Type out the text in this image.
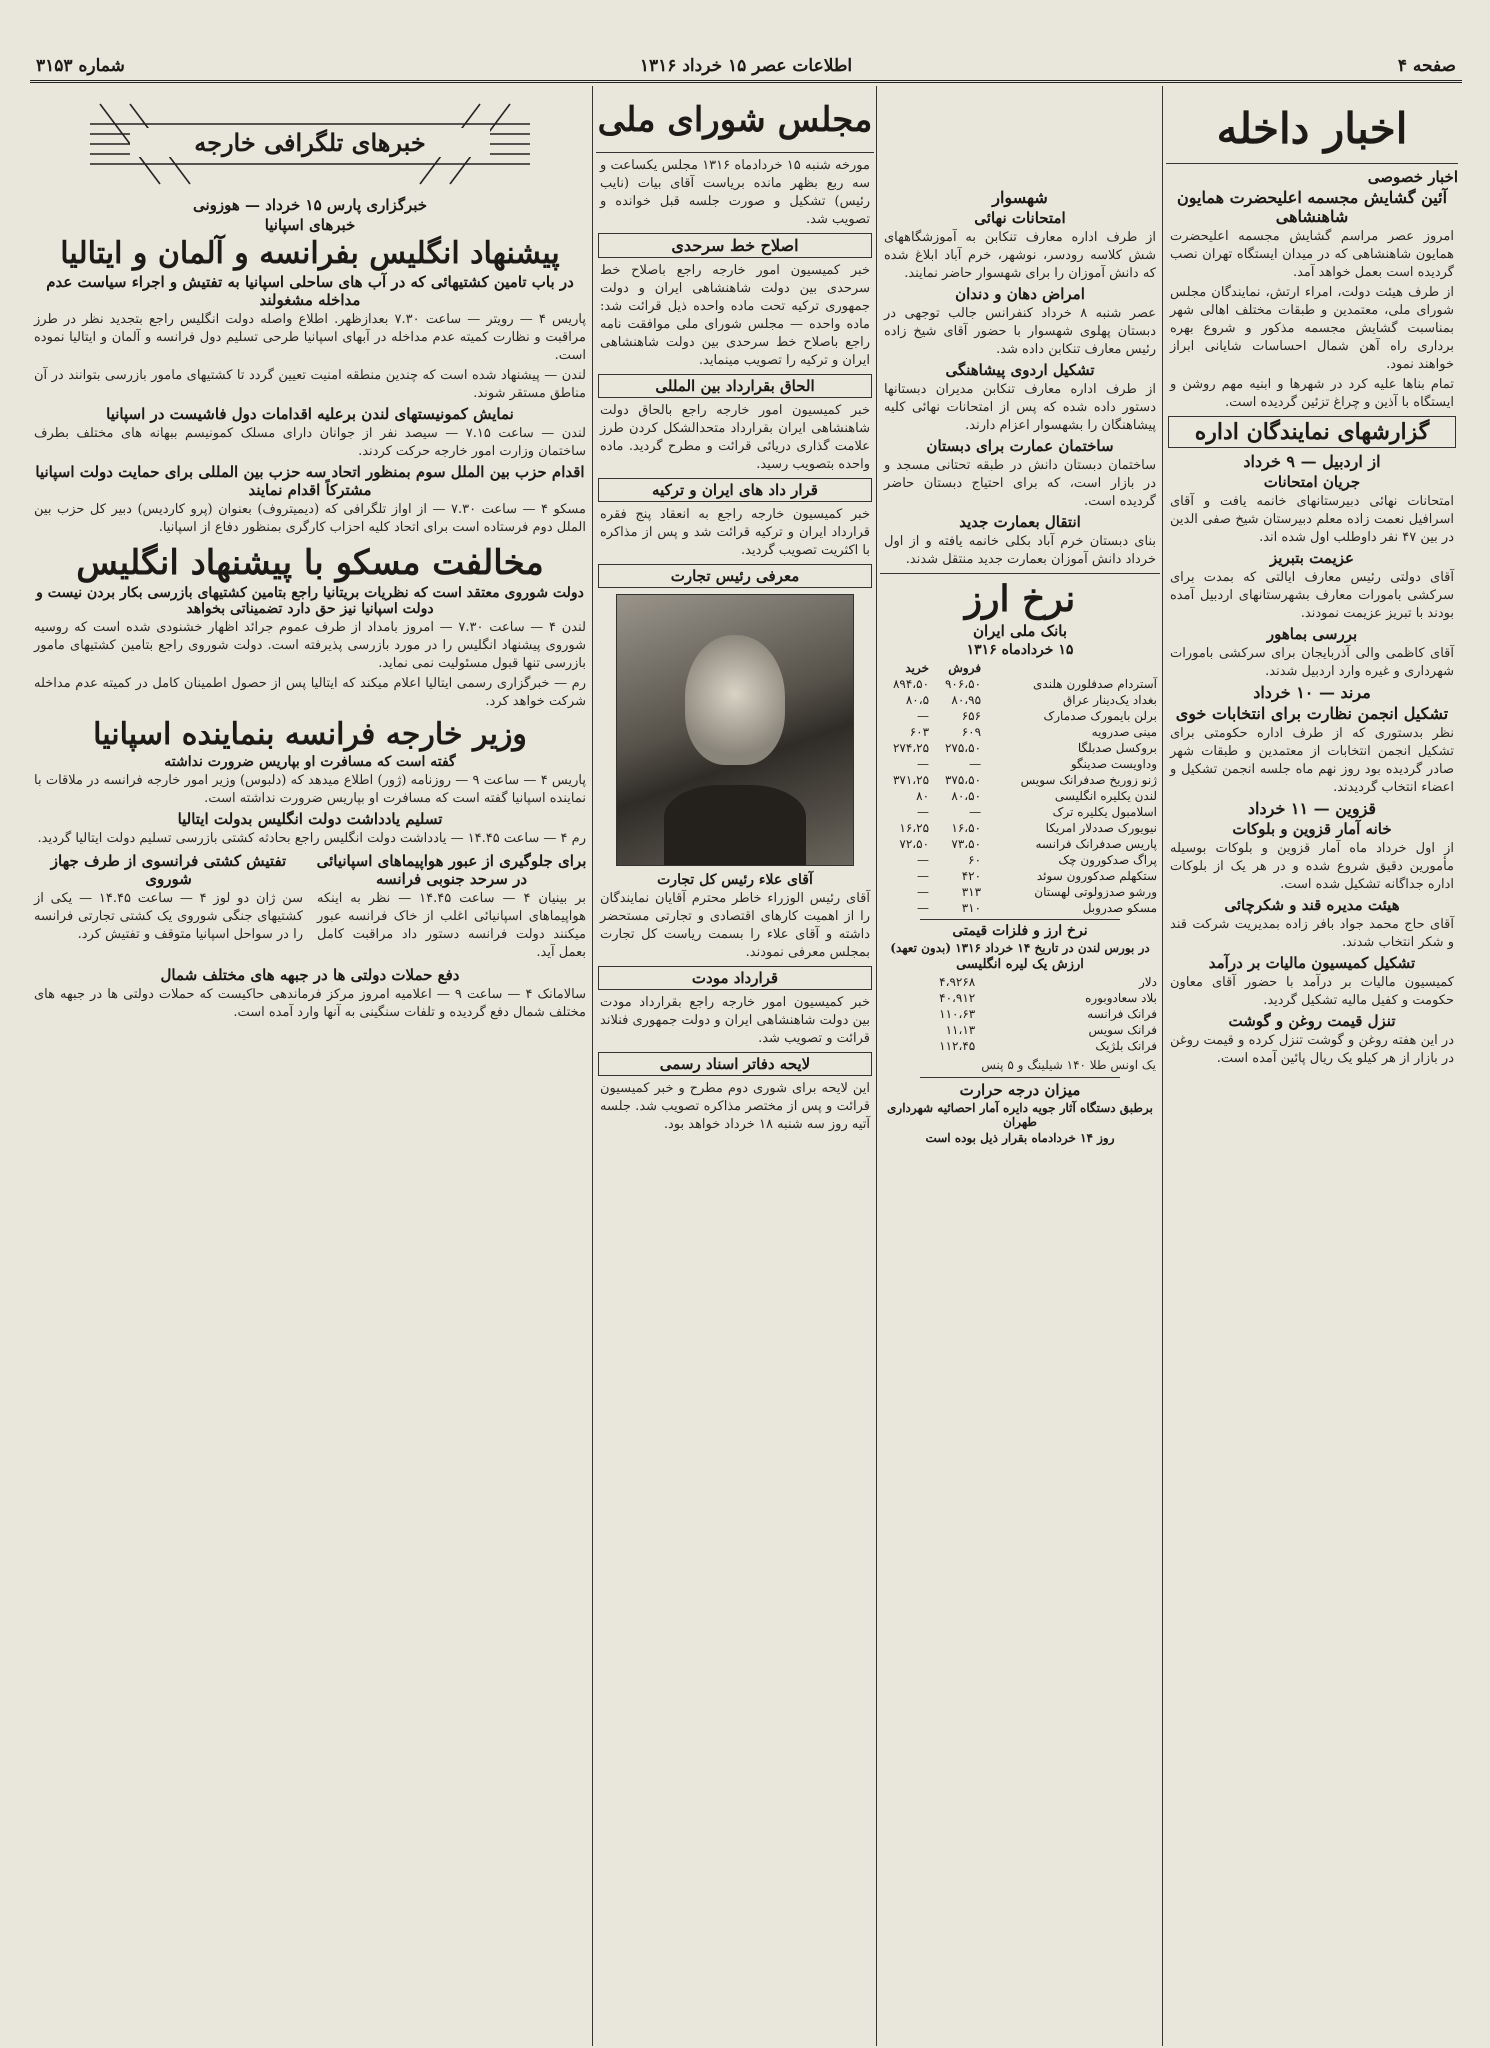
صفحه ۴
اطلاعات عصر ۱۵ خرداد ۱۳۱۶
شماره ۳۱۵۳
اخبار داخله
اخبار خصوصی
آئین گشایش مجسمه اعلیحضرت همایون شاهنشاهی
امروز عصر مراسم گشایش مجسمه اعلیحضرت همایون شاهنشاهی که در میدان ایستگاه تهران نصب گردیده است بعمل خواهد آمد.
از طرف هیئت دولت، امراء ارتش، نمایندگان مجلس شورای ملی، معتمدین و طبقات مختلف اهالی شهر بمناسبت گشایش مجسمه مذکور و شروع بهره برداری راه آهن شمال احساسات شایانی ابراز خواهند نمود.
تمام بناها علیه کرد در شهرها و ابنیه مهم روشن و ایستگاه با آذین و چراغ تزئین گردیده است.
گزارشهای نمایندگان اداره
از اردبیل — ۹ خرداد
جریان امتحانات
امتحانات نهائی دبیرستانهای خانمه یافت و آقای اسرافیل نعمت زاده معلم دبیرستان شیخ صفی الدین در بین ۴۷ نفر داوطلب اول شده اند.
عزیمت بتبریز
آقای دولتی رئیس معارف ایالتی که بمدت برای سرکشی بامورات معارف بشهرستانهای اردبیل آمده بودند با تبریز عزیمت نمودند.
بررسی بماهور
آقای کاظمی والی آذربایجان برای سرکشی بامورات شهرداری و غیره وارد اردبیل شدند.
مرند — ۱۰ خرداد
تشکیل انجمن نظارت برای انتخابات خوی
نظر بدستوری که از طرف اداره حکومتی برای تشکیل انجمن انتخابات از معتمدین و طبقات شهر صادر گردیده بود روز نهم ماه جلسه انجمن تشکیل و اعضاء انتخاب گردیدند.
قزوین — ۱۱ خرداد
خانه آمار قزوین و بلوکات
از اول خرداد ماه آمار قزوین و بلوکات بوسیله مأمورین دقیق شروع شده و در هر یک از بلوکات اداره جداگانه تشکیل شده است.
هیئت مدیره قند و شکرچائی
آقای حاج محمد جواد بافر زاده بمدیریت شرکت قند و شکر انتخاب شدند.
تشکیل کمیسیون مالیات بر درآمد
کمیسیون مالیات بر درآمد با حضور آقای معاون حکومت و کفیل مالیه تشکیل گردید.
تنزل قیمت روغن و گوشت
در این هفته روغن و گوشت تنزل کرده و قیمت روغن در بازار از هر کیلو یک ریال پائین آمده است.
شهسوار
امتحانات نهائی
از طرف اداره معارف تنکابن به آموزشگاههای شش کلاسه رودسر، نوشهر، خرم آباد ابلاغ شده که دانش آموزان را برای شهسوار حاضر نمایند.
امراض دهان و دندان
عصر شنبه ۸ خرداد کنفرانس جالب توجهی در دبستان پهلوی شهسوار با حضور آقای شیخ زاده رئیس معارف تنکابن داده شد.
تشکیل اردوی پیشاهنگی
از طرف اداره معارف تنکابن مدیران دبستانها دستور داده شده که پس از امتحانات نهائی کلیه پیشاهنگان را بشهسوار اعزام دارند.
ساختمان عمارت برای دبستان
ساختمان دبستان دانش در طبقه تحتانی مسجد و در بازار است، که برای احتیاج دبستان حاضر گردیده است.
انتقال بعمارت جدید
بنای دبستان خرم آباد بکلی خانمه یافته و از اول خرداد دانش آموزان بعمارت جدید منتقل شدند.
نرخ ارز
بانک ملی ایران
۱۵ خردادماه ۱۳۱۶
	فروش	خرید
آستردام صدفلورن هلندی	۹۰۶،۵۰	۸۹۴،۵۰
بغداد یک‌دینار عراق	۸۰،۹۵	۸۰،۵
برلن بایمورک صدمارک	۶۵۶	—
مینی صدرویه	۶۰۹	۶۰۳
بروکسل صدبلگا	۲۷۵،۵۰	۲۷۴،۲۵
وداویست صدینگو	—	—
ژنو زوریخ صدفرانک سویس	۳۷۵،۵۰	۳۷۱،۲۵
لندن یکلیره انگلیسی	۸۰،۵۰	۸۰
اسلامبول یکلیره ترک	—	—
نیویورک صددلار امریکا	۱۶،۵۰	۱۶،۲۵
پاریس صدفرانک فرانسه	۷۳،۵۰	۷۲،۵۰
پراگ صدکورون چک	۶۰	—
ستکهلم صدکورون سوئد	۴۲۰	—
ورشو صدزولوتی لهستان	۳۱۳	—
مسکو صدروبل	۳۱۰	—
نرخ ارز و فلزات قیمتی
در بورس لندن در تاریخ ۱۴ خرداد ۱۳۱۶ (بدون تعهد)
ارزش یک لیره انگلیسی
دلار	۴،۹۲۶۸
بلاد سعادوبوره	۴۰،۹۱۲
فرانک فرانسه	۱۱۰،۶۳
فرانک سویس	۱۱،۱۳
فرانک بلژیک	۱۱۲،۴۵
یک اونس طلا ۱۴۰ شیلینگ و ۵ پنس
میزان درجه حرارت
برطبق دستگاه آثار جویه دایره آمار احصائیه شهرداری طهران
روز ۱۴ خردادماه بقرار ذیل بوده است
مجلس شورای ملی
مورخه شنبه ۱۵ خردادماه ۱۳۱۶ مجلس یکساعت و سه ربع بظهر مانده بریاست آقای بیات (نایب رئیس) تشکیل و صورت جلسه قبل خوانده و تصویب شد.
اصلاح خط سرحدی
خبر کمیسیون امور خارجه راجع باصلاح خط سرحدی بین دولت شاهنشاهی ایران و دولت جمهوری ترکیه تحت ماده واحده ذیل قرائت شد: ماده واحده — مجلس شورای ملی موافقت نامه راجع باصلاح خط سرحدی بین دولت شاهنشاهی ایران و ترکیه را تصویب مینماید.
الحاق بقرارداد بین المللی
خبر کمیسیون امور خارجه راجع بالحاق دولت شاهنشاهی ایران بقرارداد متحدالشکل کردن طرز علامت گذاری دریائی قرائت و مطرح گردید. ماده واحده بتصویب رسید.
قرار داد های ایران و ترکیه
خبر کمیسیون خارجه راجع به انعقاد پنج فقره قرارداد ایران و ترکیه قرائت شد و پس از مذاکره با اکثریت تصویب گردید.
معرفی رئیس تجارت
آقای علاء رئیس کل تجارت
آقای رئیس الوزراء خاطر محترم آقایان نمایندگان را از اهمیت کارهای اقتصادی و تجارتی مستحضر داشته و آقای علاء را بسمت ریاست کل تجارت بمجلس معرفی نمودند.
قرارداد مودت
خبر کمیسیون امور خارجه راجع بقرارداد مودت بین دولت شاهنشاهی ایران و دولت جمهوری فنلاند قرائت و تصویب شد.
لایحه دفاتر اسناد رسمی
این لایحه برای شوری دوم مطرح و خبر کمیسیون قرائت و پس از مختصر مذاکره تصویب شد. جلسه آتیه روز سه شنبه ۱۸ خرداد خواهد بود.
خبرهای تلگرافی خارجه
خبرگزاری پارس ۱۵ خرداد — هوزونی
خبرهای اسپانیا
پیشنهاد انگلیس بفرانسه و آلمان و ایتالیا
در باب تامین کشتیهائی که در آب های ساحلی اسپانیا به تفتیش و اجراء سیاست عدم مداخله مشغولند
پاریس ۴ — رویتر — ساعت ۷.۳۰ بعدازظهر. اطلاع واصله دولت انگلیس راجع بتجدید نظر در طرز مراقبت و نظارت کمیته عدم مداخله در آبهای اسپانیا طرحی تسلیم دول فرانسه و آلمان و ایتالیا نموده است.
لندن — پیشنهاد شده است که چندین منطقه امنیت تعیین گردد تا کشتیهای مامور بازرسی بتوانند در آن مناطق مستقر شوند.
نمایش کمونیستهای لندن برعلیه اقدامات دول فاشیست در اسپانیا
لندن — ساعت ۷.۱۵ — سیصد نفر از جوانان دارای مسلک کمونیسم ببهانه های مختلف بطرف ساختمان وزارت امور خارجه حرکت کردند.
اقدام حزب بین الملل سوم بمنظور اتحاد سه حزب بین المللی برای حمایت دولت اسپانیا مشترکاً اقدام نمایند
مسکو ۴ — ساعت ۷.۳۰ — از اواز تلگرافی که (دیمیتروف) بعنوان (پرو کاردیس) دبیر کل حزب بین الملل دوم فرستاده است برای اتحاد کلیه احزاب کارگری بمنظور دفاع از اسپانیا.
مخالفت مسکو با پیشنهاد انگلیس
دولت شوروی معتقد است که نظریات بریتانیا راجع بتامین کشتیهای بازرسی بکار بردن نیست و دولت اسپانیا نیز حق دارد تضمیناتی بخواهد
لندن ۴ — ساعت ۷.۳۰ — امروز بامداد از طرف عموم جرائد اظهار خشنودی شده است که روسیه شوروی پیشنهاد انگلیس را در مورد بازرسی پذیرفته است. دولت شوروی راجع بتامین کشتیهای مامور بازرسی تنها قبول مسئولیت نمی نماید.
رم — خبرگزاری رسمی ایتالیا اعلام میکند که ایتالیا پس از حصول اطمینان کامل در کمیته عدم مداخله شرکت خواهد کرد.
وزیر خارجه فرانسه بنماینده اسپانیا
گفته است که مسافرت او بپاریس ضرورت نداشته
پاریس ۴ — ساعت ۹ — روزنامه (ژور) اطلاع میدهد که (دلبوس) وزیر امور خارجه فرانسه در ملاقات با نماینده اسپانیا گفته است که مسافرت او بپاریس ضرورت نداشته است.
تسلیم یادداشت دولت انگلیس بدولت ایتالیا
رم ۴ — ساعت ۱۴.۴۵ — یادداشت دولت انگلیس راجع بحادثه کشتی بازرسی تسلیم دولت ایتالیا گردید.
برای جلوگیری از عبور هواپیماهای اسپانیائی در سرحد جنوبی فرانسه
بر بینیان ۴ — ساعت ۱۴.۴۵ — نظر به اینکه هواپیماهای اسپانیائی اغلب از خاک فرانسه عبور میکنند دولت فرانسه دستور داد مراقبت کامل بعمل آید.
تفتیش کشتی فرانسوی از طرف جهاز شوروی
سن ژان دو لوز ۴ — ساعت ۱۴.۴۵ — یکی از کشتیهای جنگی شوروی یک کشتی تجارتی فرانسه را در سواحل اسپانیا متوقف و تفتیش کرد.
دفع حملات دولتی ها در جبهه های مختلف شمال
سالامانک ۴ — ساعت ۹ — اعلامیه امروز مرکز فرماندهی حاکیست که حملات دولتی ها در جبهه های مختلف شمال دفع گردیده و تلفات سنگینی به آنها وارد آمده است.
